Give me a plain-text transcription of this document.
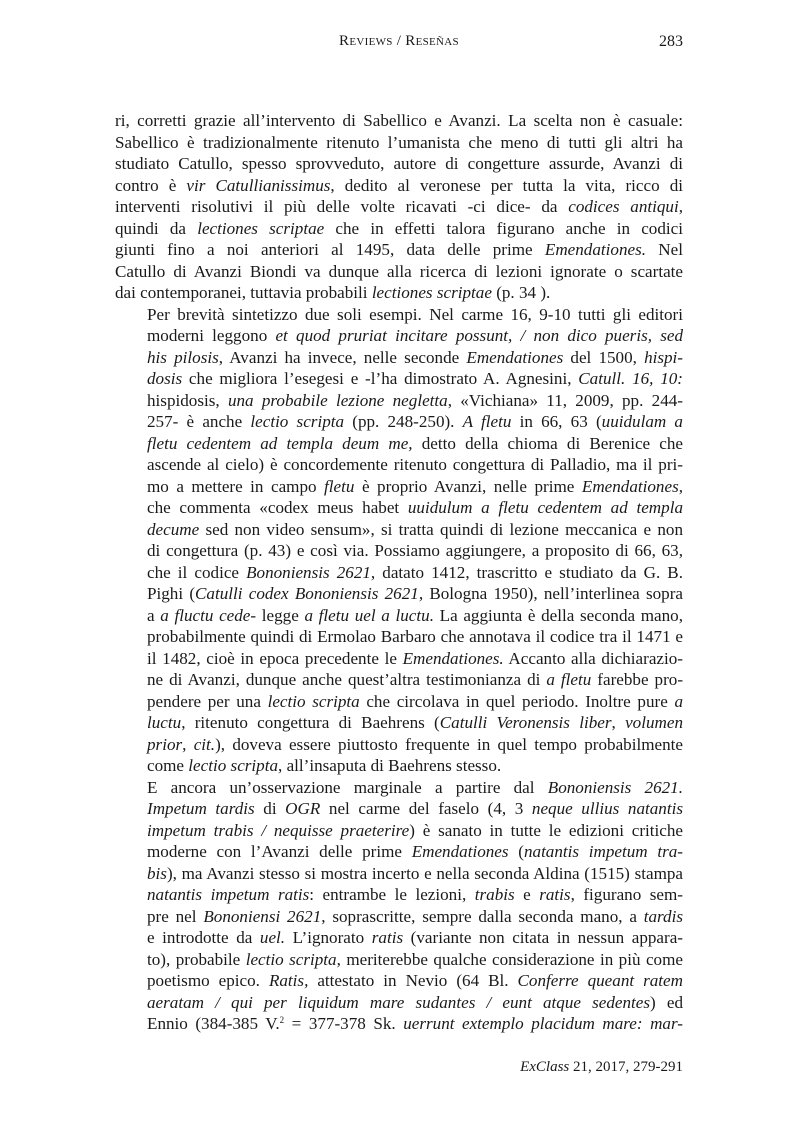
Reviews / Reseñas	283

ri, corretti grazie all’intervento di Sabellico e Avanzi. La scelta non è casuale:
Sabellico è tradizionalmente ritenuto l’umanista che meno di tutti gli altri ha
studiato Catullo, spesso sprovveduto, autore di congetture assurde, Avanzi di
contro è vir Catullianissimus, dedito al veronese per tutta la vita, ricco di
interventi risolutivi il più delle volte ricavati -ci dice- da codices antiqui,
quindi da lectiones scriptae che in effetti talora figurano anche in codici
giunti fino a noi anteriori al 1495, data delle prime Emendationes. Nel
Catullo di Avanzi Biondi va dunque alla ricerca di lezioni ignorate o scartate
dai contemporanei, tuttavia probabili lectiones scriptae (p. 34 ).

Per brevità sintetizzo due soli esempi. Nel carme 16, 9-10 tutti gli editori
moderni leggono et quod pruriat incitare possunt, / non dico pueris, sed
his pilosis, Avanzi ha invece, nelle seconde Emendationes del 1500, hispi-
dosis che migliora l’esegesi e -l’ha dimostrato A. Agnesini, Catull. 16, 10:
hispidosis, una probabile lezione negletta, «Vichiana» 11, 2009, pp. 244-
257- è anche lectio scripta (pp. 248-250). A fletu in 66, 63 (uuidulam a
fletu cedentem ad templa deum me, detto della chioma di Berenice che
ascende al cielo) è concordemente ritenuto congettura di Palladio, ma il pri-
mo a mettere in campo fletu è proprio Avanzi, nelle prime Emendationes,
che commenta «codex meus habet uuidulum a fletu cedentem ad templa
decume sed non video sensum», si tratta quindi di lezione meccanica e non
di congettura (p. 43) e così via. Possiamo aggiungere, a proposito di 66, 63,
che il codice Bononiensis 2621, datato 1412, trascritto e studiato da G. B.
Pighi (Catulli codex Bononiensis 2621, Bologna 1950), nell’interlinea sopra
a a fluctu cede- legge a fletu uel a luctu. La aggiunta è della seconda mano,
probabilmente quindi di Ermolao Barbaro che annotava il codice tra il 1471 e
il 1482, cioè in epoca precedente le Emendationes. Accanto alla dichiarazio-
ne di Avanzi, dunque anche quest’altra testimonianza di a fletu farebbe pro-
pendere per una lectio scripta che circolava in quel periodo. Inoltre pure a
luctu, ritenuto congettura di Baehrens (Catulli Veronensis liber, volumen
prior, cit.), doveva essere piuttosto frequente in quel tempo probabilmente
come lectio scripta, all’insaputa di Baehrens stesso.

E ancora un’osservazione marginale a partire dal Bononiensis 2621.
Impetum tardis di OGR nel carme del faselo (4, 3 neque ullius natantis
impetum trabis / nequisse praeterire) è sanato in tutte le edizioni critiche
moderne con l’Avanzi delle prime Emendationes (natantis impetum tra-
bis), ma Avanzi stesso si mostra incerto e nella seconda Aldina (1515) stampa
natantis impetum ratis: entrambe le lezioni, trabis e ratis, figurano sem-
pre nel Bononiensi 2621, soprascritte, sempre dalla seconda mano, a tardis
e introdotte da uel. L’ignorato ratis (variante non citata in nessun appara-
to), probabile lectio scripta, meriterebbe qualche considerazione in più come
poetismo epico. Ratis, attestato in Nevio (64 Bl. Conferre queant ratem
aeratam / qui per liquidum mare sudantes / eunt atque sedentes) ed
Ennio (384-385 V.$^2$ = 377-378 Sk. uerrunt extemplo placidum mare: mar-

ExClass 21, 2017, 279-291
